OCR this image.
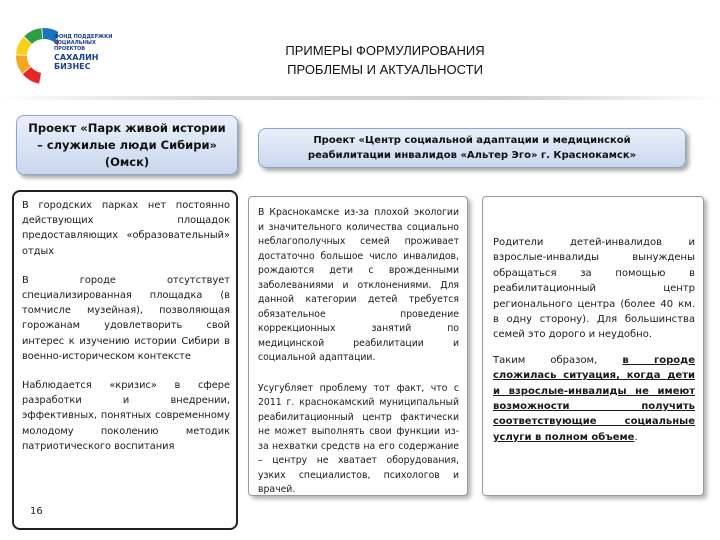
ФОНД ПОДДЕРЖКИ СОЦИАЛЬНЫХ ПРОЕКТОВ
САХАЛИН БИЗНЕС
ПРИМЕРЫ ФОРМУЛИРОВАНИЯ
ПРОБЛЕМЫ И АКТУАЛЬНОСТИ
Проект «Парк живой истории – служилые люди Сибири» (Омск)
Проект «Центр социальной адаптации и медицинской реабилитации инвалидов «Альтер Эго» г. Краснокамск»

В городских парках нет постоянно действующих площадок предоставляющих «образовательный» отдых

В городе отсутствует специализированная площадка (в томчисле музейная), позволяющая горожанам удовлетворить свой интерес к изучению истории Сибири в военно-историческом контексте

Наблюдается «кризис» в сфере разработки и внедрении, эффективных, понятных современному молодому поколению методик патриотического воспитания

В Краснокамске из-за плохой экологии и значительного количества социально неблагополучных семей проживает достаточно большое число инвалидов, рождаются дети с врожденными заболеваниями и отклонениями. Для данной категории детей требуется обязательное проведение коррекционных занятий по медицинской реабилитации и социальной адаптации.

Усугубляет проблему тот факт, что с 2011 г. краснокамский муниципальный реабилитационный центр фактически не может выполнять свои функции из-за нехватки средств на его содержание – центру не хватает оборудования, узких специалистов, психологов и врачей.

Родители детей-инвалидов и взрослые-инвалиды вынуждены обращаться за помощью в реабилитационный центр регионального центра (более 40 км. в одну сторону). Для большинства семей это дорого и неудобно.

Таким образом, в городе сложилась ситуация, когда дети и взрослые-инвалиды не имеют возможности получить соответствующие социальные услуги в полном объеме.

16
